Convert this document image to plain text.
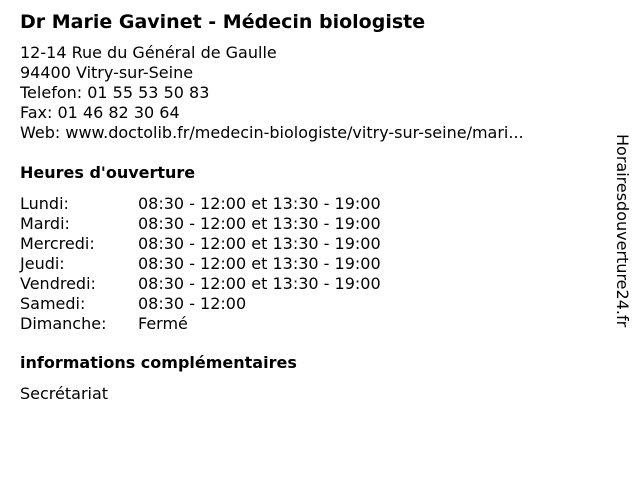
Dr Marie Gavinet - Médecin biologiste
12-14 Rue du Général de Gaulle
94400 Vitry-sur-Seine
Telefon: 01 55 53 50 83
Fax: 01 46 82 30 64
Web: www.doctolib.fr/medecin-biologiste/vitry-sur-seine/mari...
Heures d'ouverture
Lundi:	08:30 - 12:00 et 13:30 - 19:00
Mardi:	08:30 - 12:00 et 13:30 - 19:00
Mercredi:	08:30 - 12:00 et 13:30 - 19:00
Jeudi:	08:30 - 12:00 et 13:30 - 19:00
Vendredi:	08:30 - 12:00 et 13:30 - 19:00
Samedi:	08:30 - 12:00
Dimanche: Fermé
informations complémentaires
Secrétariat
Horairesdouverture24.fr
